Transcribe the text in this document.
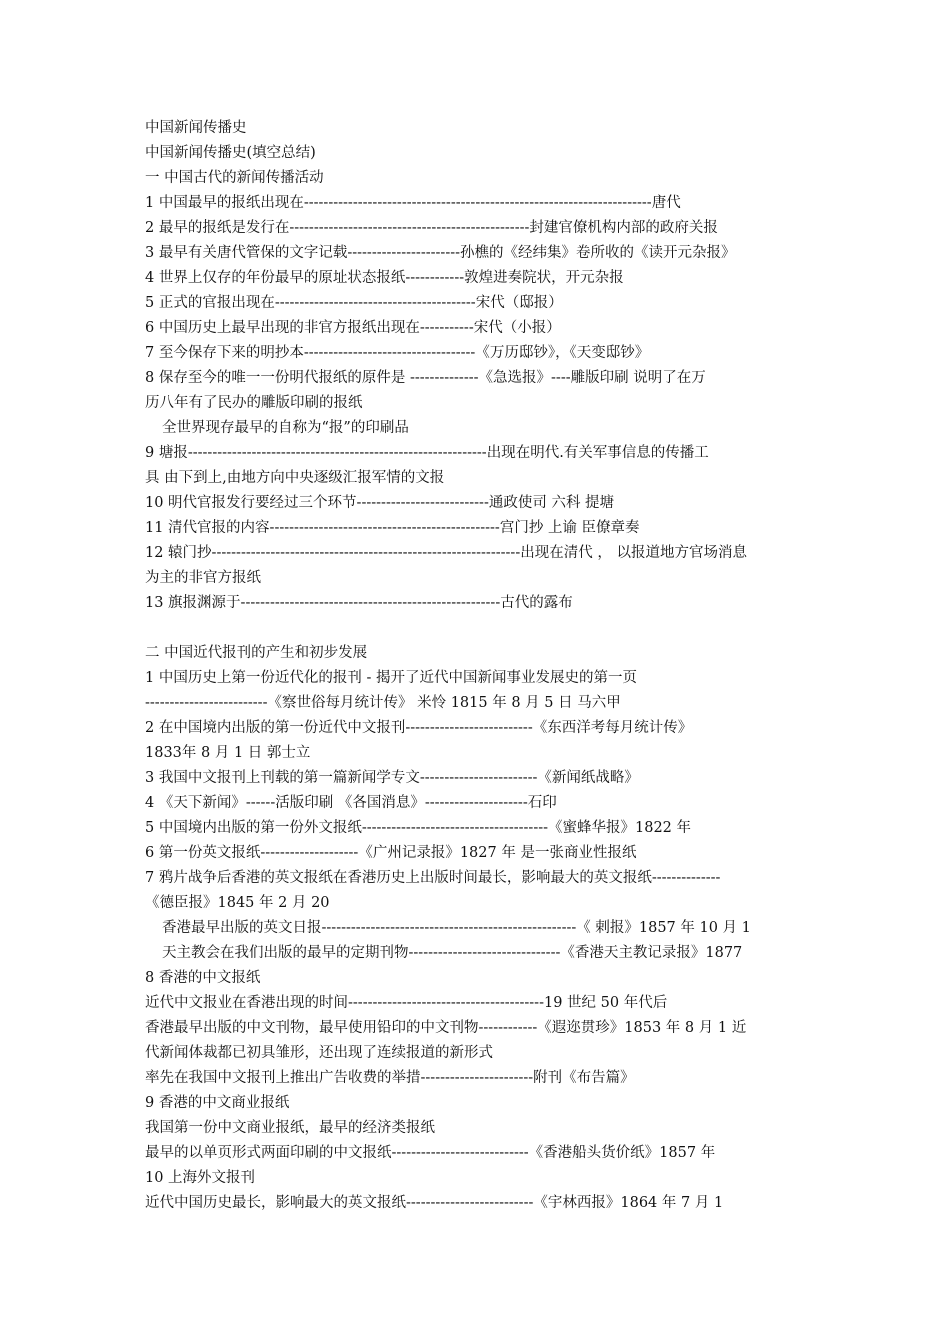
中国新闻传播史
中国新闻传播史(填空总结)
一 中国古代的新闻传播活动
1 中国最早的报纸出现在-----------------------------------------------------------------------唐代
2 最早的报纸是发行在-------------------------------------------------封建官僚机构内部的政府关报
3 最早有关唐代管保的文字记载-----------------------孙樵的《经纬集》卷所收的《读开元杂报》
4 世界上仅存的年份最早的原址状态报纸------------敦煌进奏院状，开元杂报
5 正式的官报出现在-----------------------------------------宋代（邸报）
6 中国历史上最早出现的非官方报纸出现在-----------宋代（小报）
7 至今保存下来的明抄本-----------------------------------《万历邸钞》，《天变邸钞》
8 保存至今的唯一一份明代报纸的原件是 --------------《急选报》----雕版印刷 说明了在万
历八年有了民办的雕版印刷的报纸
全世界现存最早的自称为“报”的印刷品
9 塘报-------------------------------------------------------------出现在明代.有关军事信息的传播工
具 由下到上,由地方向中央逐级汇报军情的文报
10 明代官报发行要经过三个环节---------------------------通政使司 六科 提塘
11 清代官报的内容-----------------------------------------------宫门抄 上谕 臣僚章奏
12 辕门抄---------------------------------------------------------------出现在清代 ， 以报道地方官场消息
为主的非官方报纸
13 旗报渊源于-----------------------------------------------------古代的露布
二 中国近代报刊的产生和初步发展
1 中国历史上第一份近代化的报刊 - 揭开了近代中国新闻事业发展史的第一页
-------------------------《察世俗每月统计传》 米怜 1815 年 8 月 5 日 马六甲
2 在中国境内出版的第一份近代中文报刊--------------------------《东西洋考每月统计传》
1833年 8 月 1 日 郭士立
3 我国中文报刊上刊载的第一篇新闻学专文------------------------《新闻纸战略》
4 《天下新闻》------活版印刷 《各国消息》---------------------石印
5 中国境内出版的第一份外文报纸--------------------------------------《蜜蜂华报》1822 年
6 第一份英文报纸--------------------《广州记录报》1827 年 是一张商业性报纸
7 鸦片战争后香港的英文报纸在香港历史上出版时间最长，影响最大的英文报纸--------------
《德臣报》1845 年 2 月 20
香港最早出版的英文日报----------------------------------------------------《 剌报》1857 年 10 月 1
天主教会在我们出版的最早的定期刊物-------------------------------《香港天主教记录报》1877
8 香港的中文报纸
近代中文报业在香港出现的时间----------------------------------------19 世纪 50 年代后
香港最早出版的中文刊物，最早使用铅印的中文刊物------------《遐迩贯珍》1853 年 8 月 1 近
代新闻体裁都已初具雏形，还出现了连续报道的新形式
率先在我国中文报刊上推出广告收费的举措-----------------------附刊《布告篇》
9 香港的中文商业报纸
我国第一份中文商业报纸，最早的经济类报纸
最早的以单页形式两面印刷的中文报纸----------------------------《香港船头货价纸》1857 年
10 上海外文报刊
近代中国历史最长，影响最大的英文报纸--------------------------《宇林西报》1864 年 7 月 1
